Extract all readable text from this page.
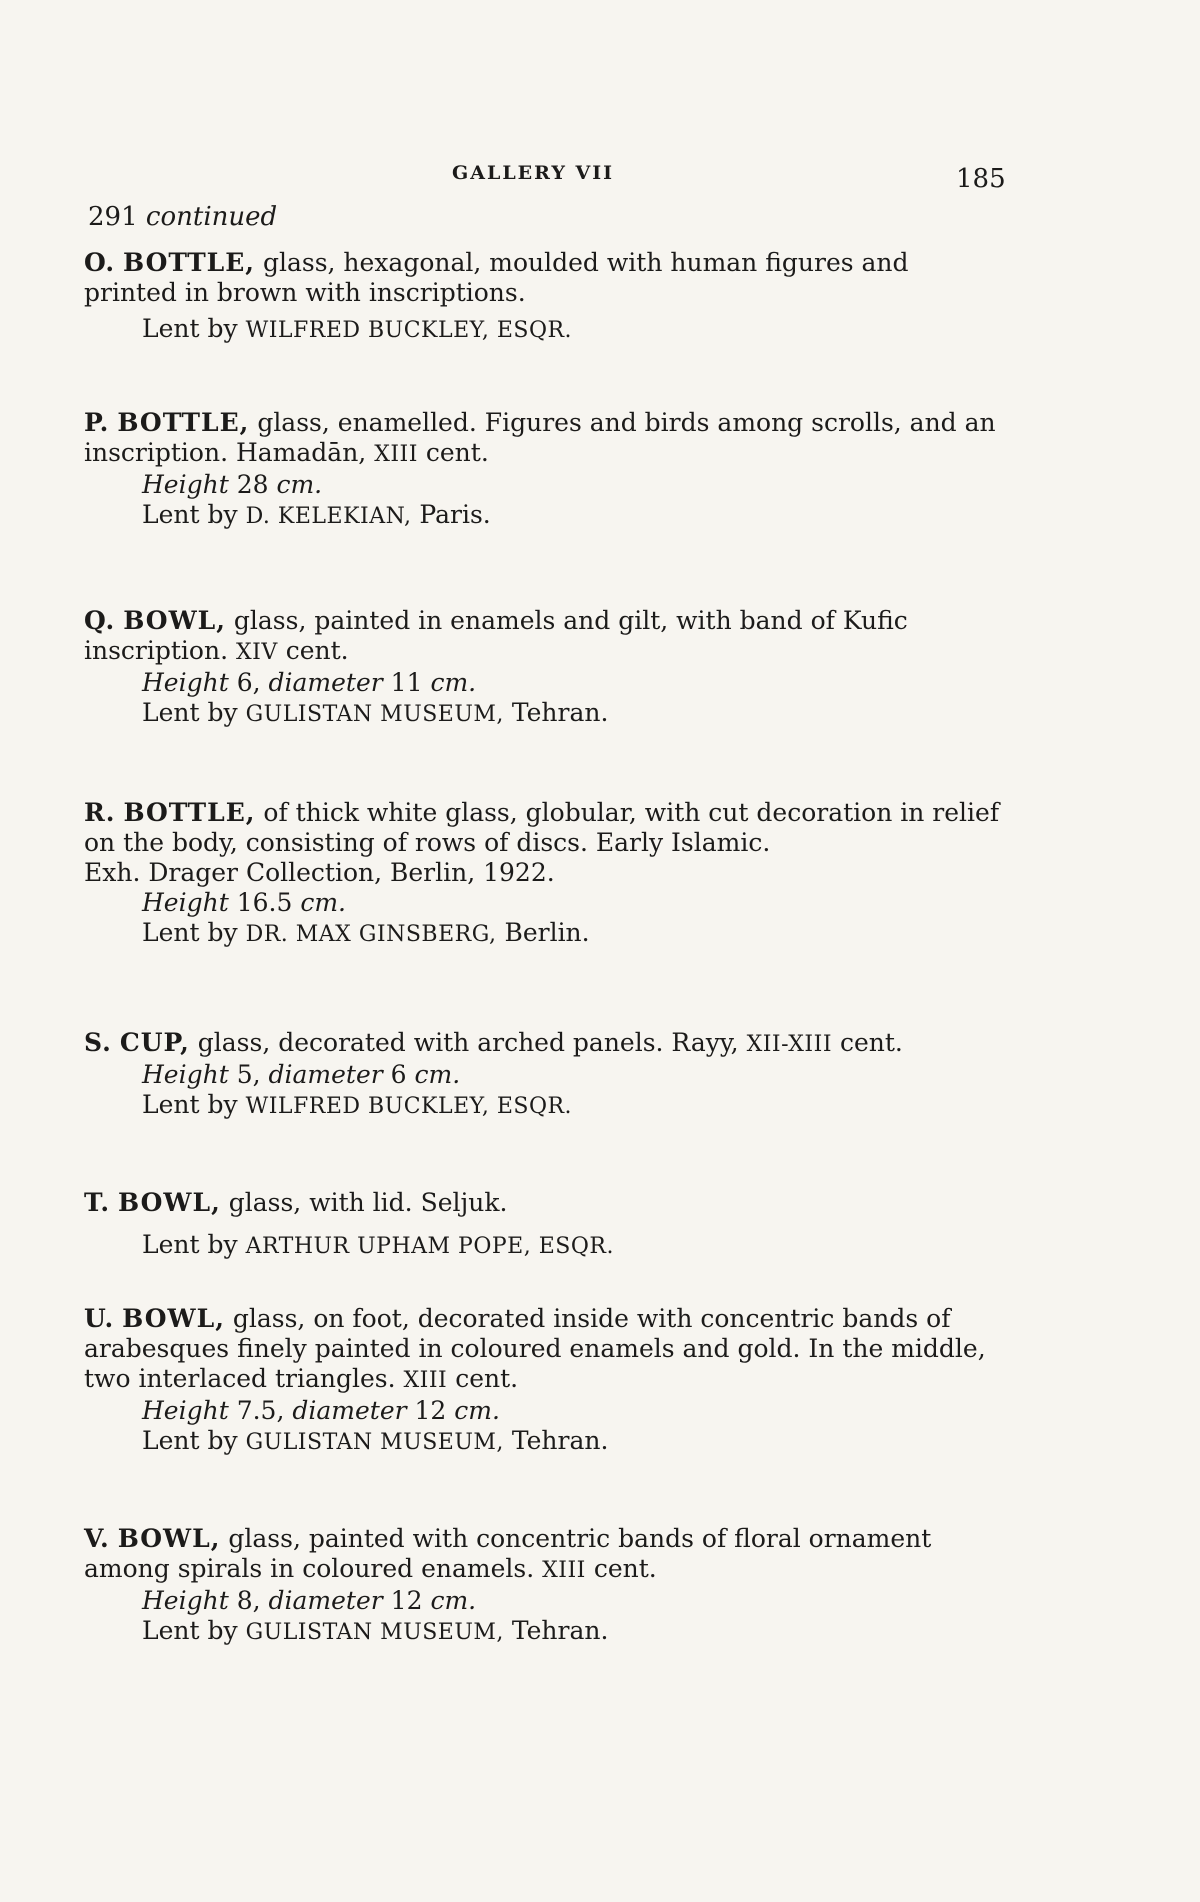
GALLERY VII	185
291 continued
O. BOTTLE, glass, hexagonal, moulded with human figures and printed in brown with inscriptions.
Lent by WILFRED BUCKLEY, ESQR.
P. BOTTLE, glass, enamelled. Figures and birds among scrolls, and an inscription. Hamadān, XIII cent.
Height 28 cm.
Lent by D. KELEKIAN, Paris.
Q. BOWL, glass, painted in enamels and gilt, with band of Kufic inscription. XIV cent.
Height 6, diameter 11 cm.
Lent by GULISTAN MUSEUM, Tehran.
R. BOTTLE, of thick white glass, globular, with cut decoration in relief on the body, consisting of rows of discs. Early Islamic.
Exh. Drager Collection, Berlin, 1922.
Height 16.5 cm.
Lent by DR. MAX GINSBERG, Berlin.
S. CUP, glass, decorated with arched panels. Rayy, XII-XIII cent.
Height 5, diameter 6 cm.
Lent by WILFRED BUCKLEY, ESQR.
T. BOWL, glass, with lid. Seljuk.
Lent by ARTHUR UPHAM POPE, ESQR.
U. BOWL, glass, on foot, decorated inside with concentric bands of arabesques finely painted in coloured enamels and gold. In the middle, two interlaced triangles. XIII cent.
Height 7.5, diameter 12 cm.
Lent by GULISTAN MUSEUM, Tehran.
V. BOWL, glass, painted with concentric bands of floral ornament among spirals in coloured enamels. XIII cent.
Height 8, diameter 12 cm.
Lent by GULISTAN MUSEUM, Tehran.
